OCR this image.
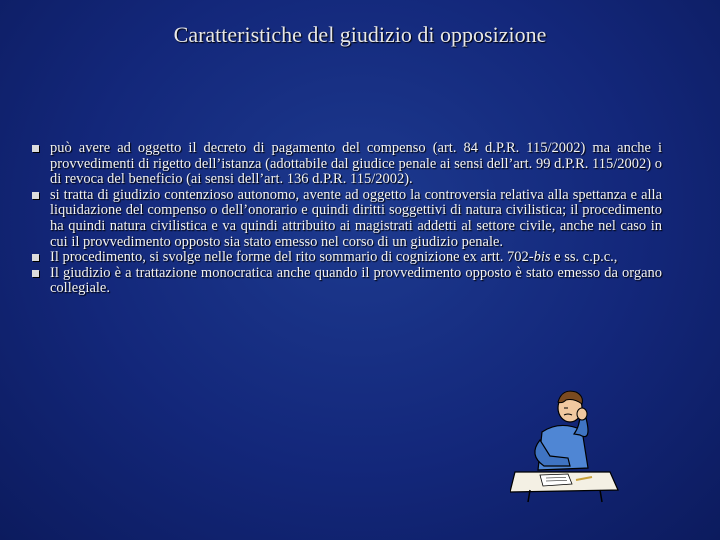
Caratteristiche del giudizio di opposizione
può avere ad oggetto il decreto di pagamento del compenso (art. 84 d.P.R. 115/2002) ma anche i provvedimenti di rigetto dell’istanza (adottabile dal giudice penale ai sensi dell’art. 99 d.P.R. 115/2002) o di revoca del beneficio (ai sensi dell’art. 136 d.P.R. 115/2002).
si tratta di giudizio contenzioso autonomo, avente ad oggetto la controversia relativa alla spettanza e alla liquidazione del compenso o dell’onorario e quindi diritti soggettivi di natura civilistica; il procedimento ha quindi natura civilistica e va quindi attribuito ai magistrati addetti al settore civile, anche nel caso in cui il provvedimento opposto sia stato emesso nel corso di un giudizio penale.
Il procedimento, si svolge nelle forme del rito sommario di cognizione ex artt. 702-bis e ss. c.p.c.,
Il giudizio è a trattazione monocratica anche quando il provvedimento opposto è stato emesso da organo collegiale.
